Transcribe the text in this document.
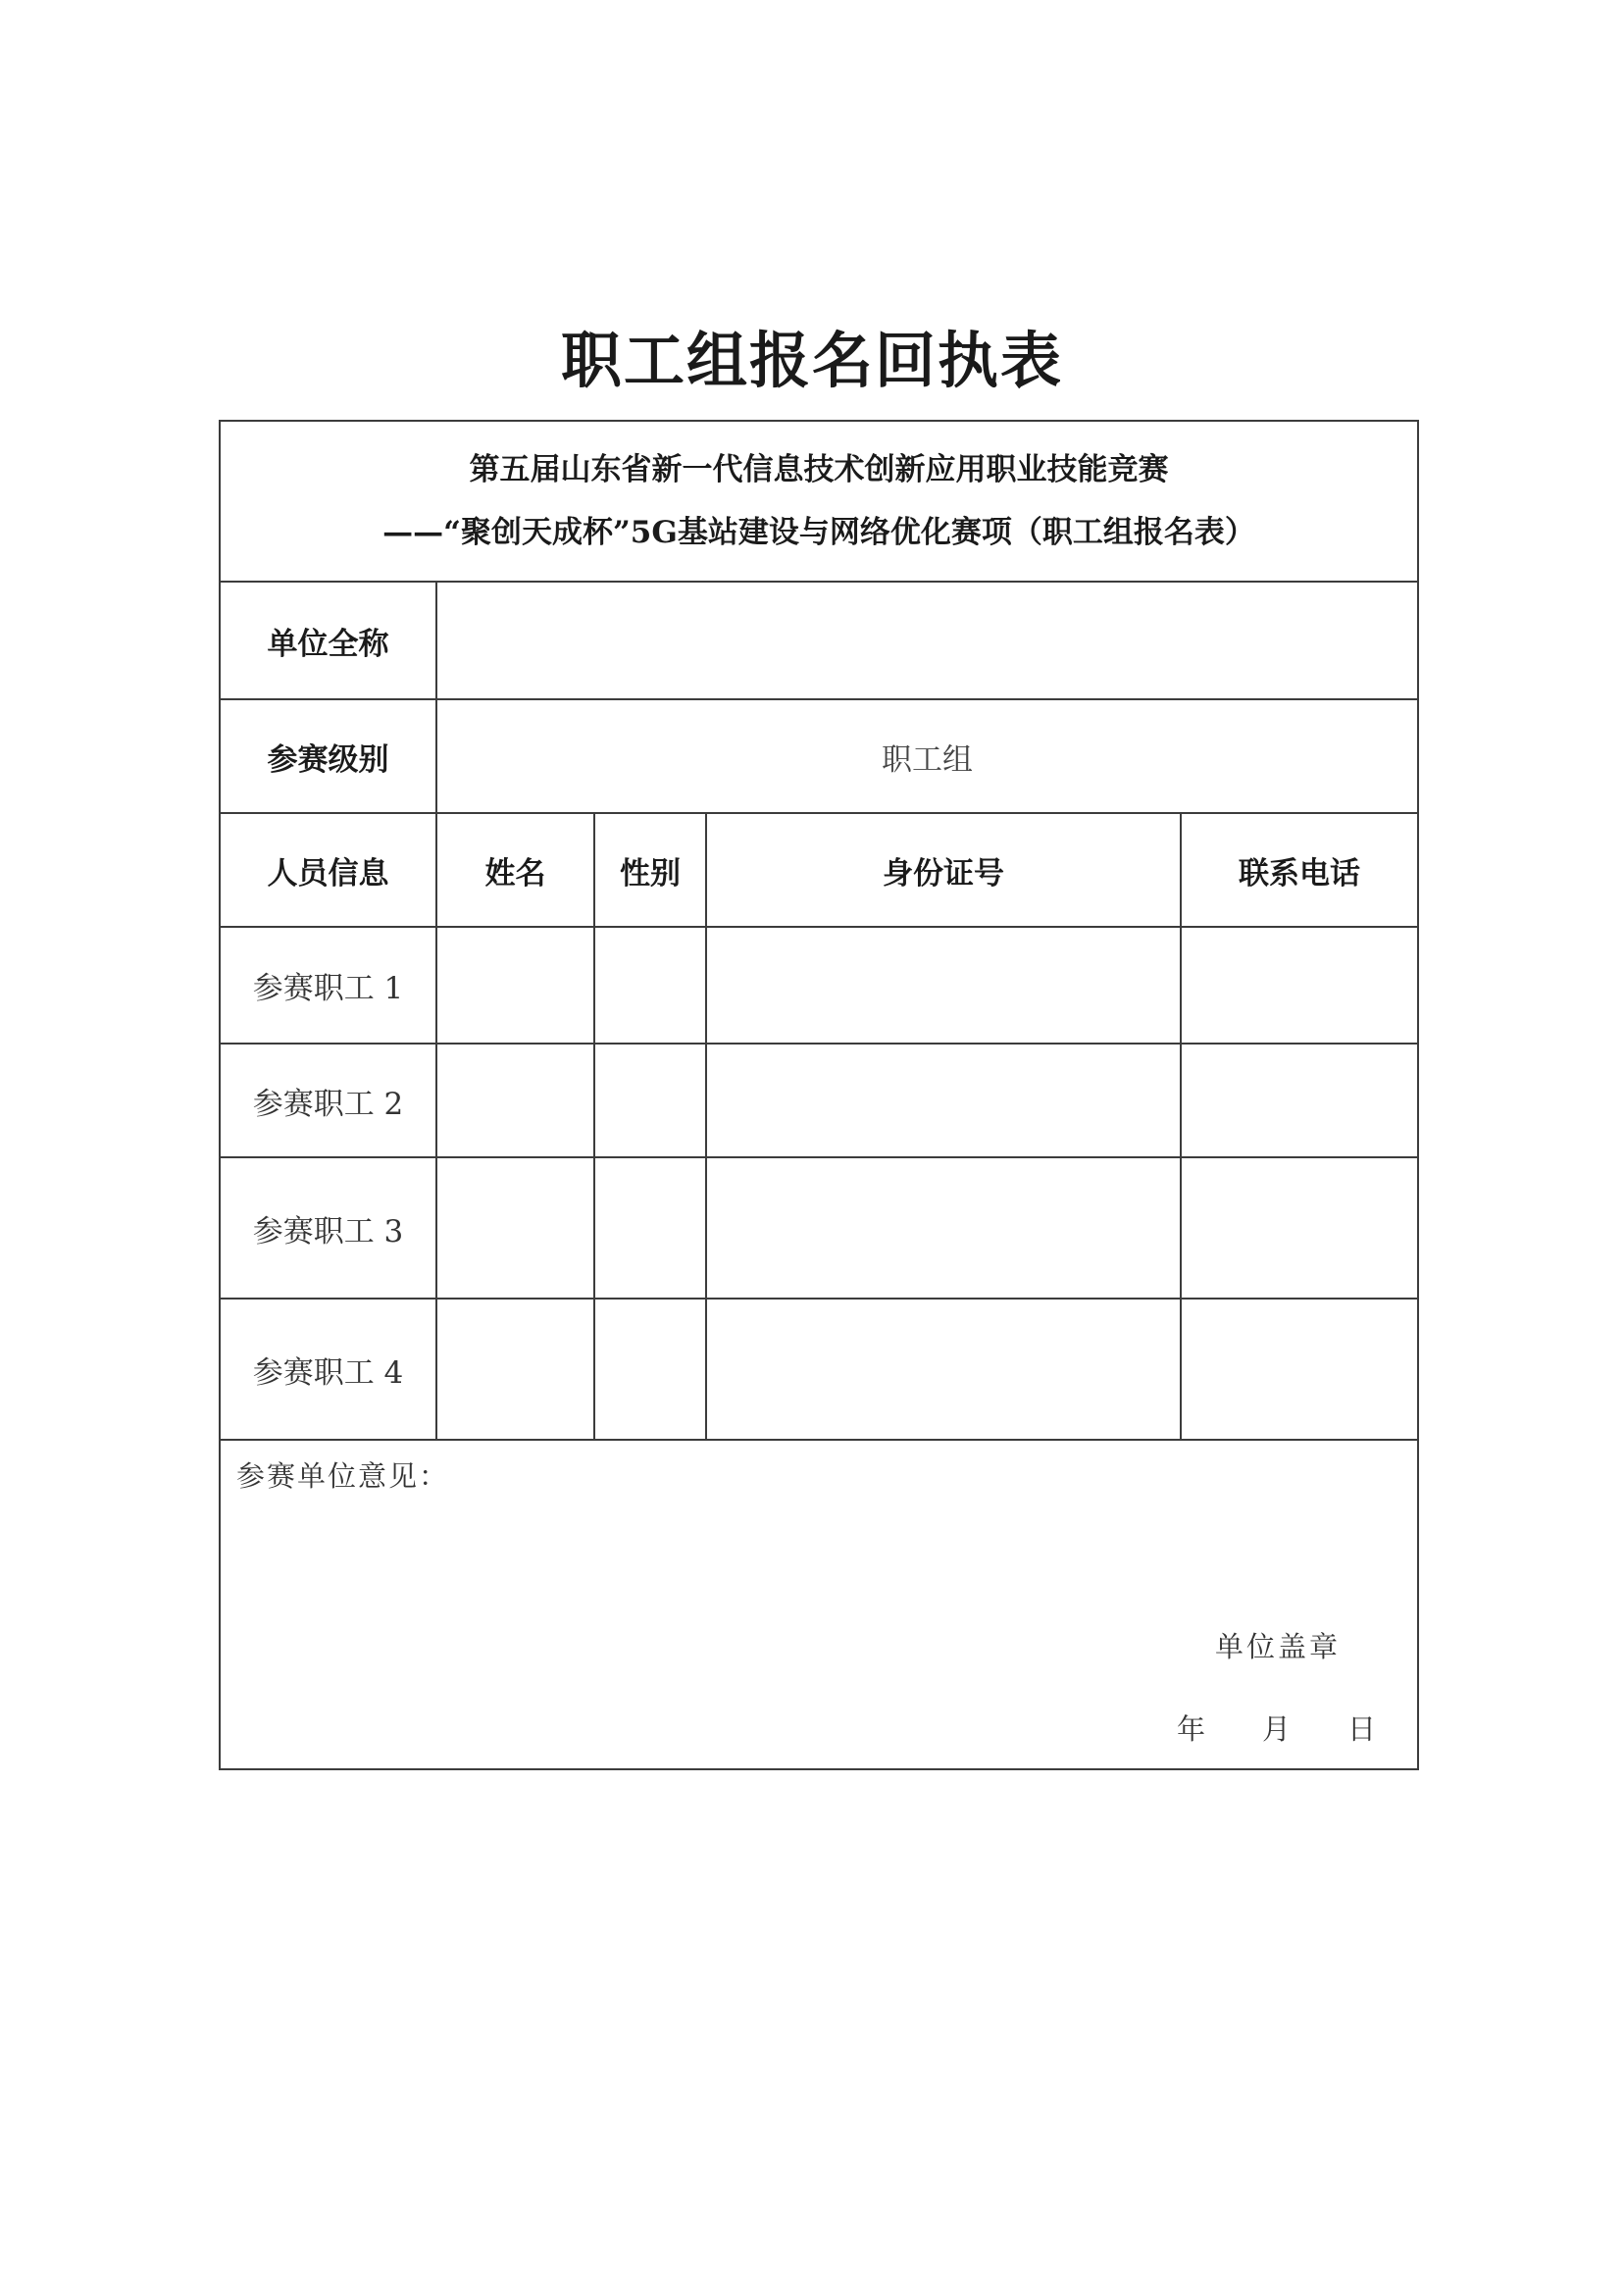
职工组报名回执表
第五届山东省新一代信息技术创新应用职业技能竞赛
——“聚创天成杯”5G基站建设与网络优化赛项（职工组报名表）				

单位全称				
参赛级别	职工组			
人员信息	姓名	性别	身份证号	联系电话
参赛职工 1				
参赛职工 2				
参赛职工 3				
参赛职工 4				

参赛单位意见：
单位盖章
年 月 日				
